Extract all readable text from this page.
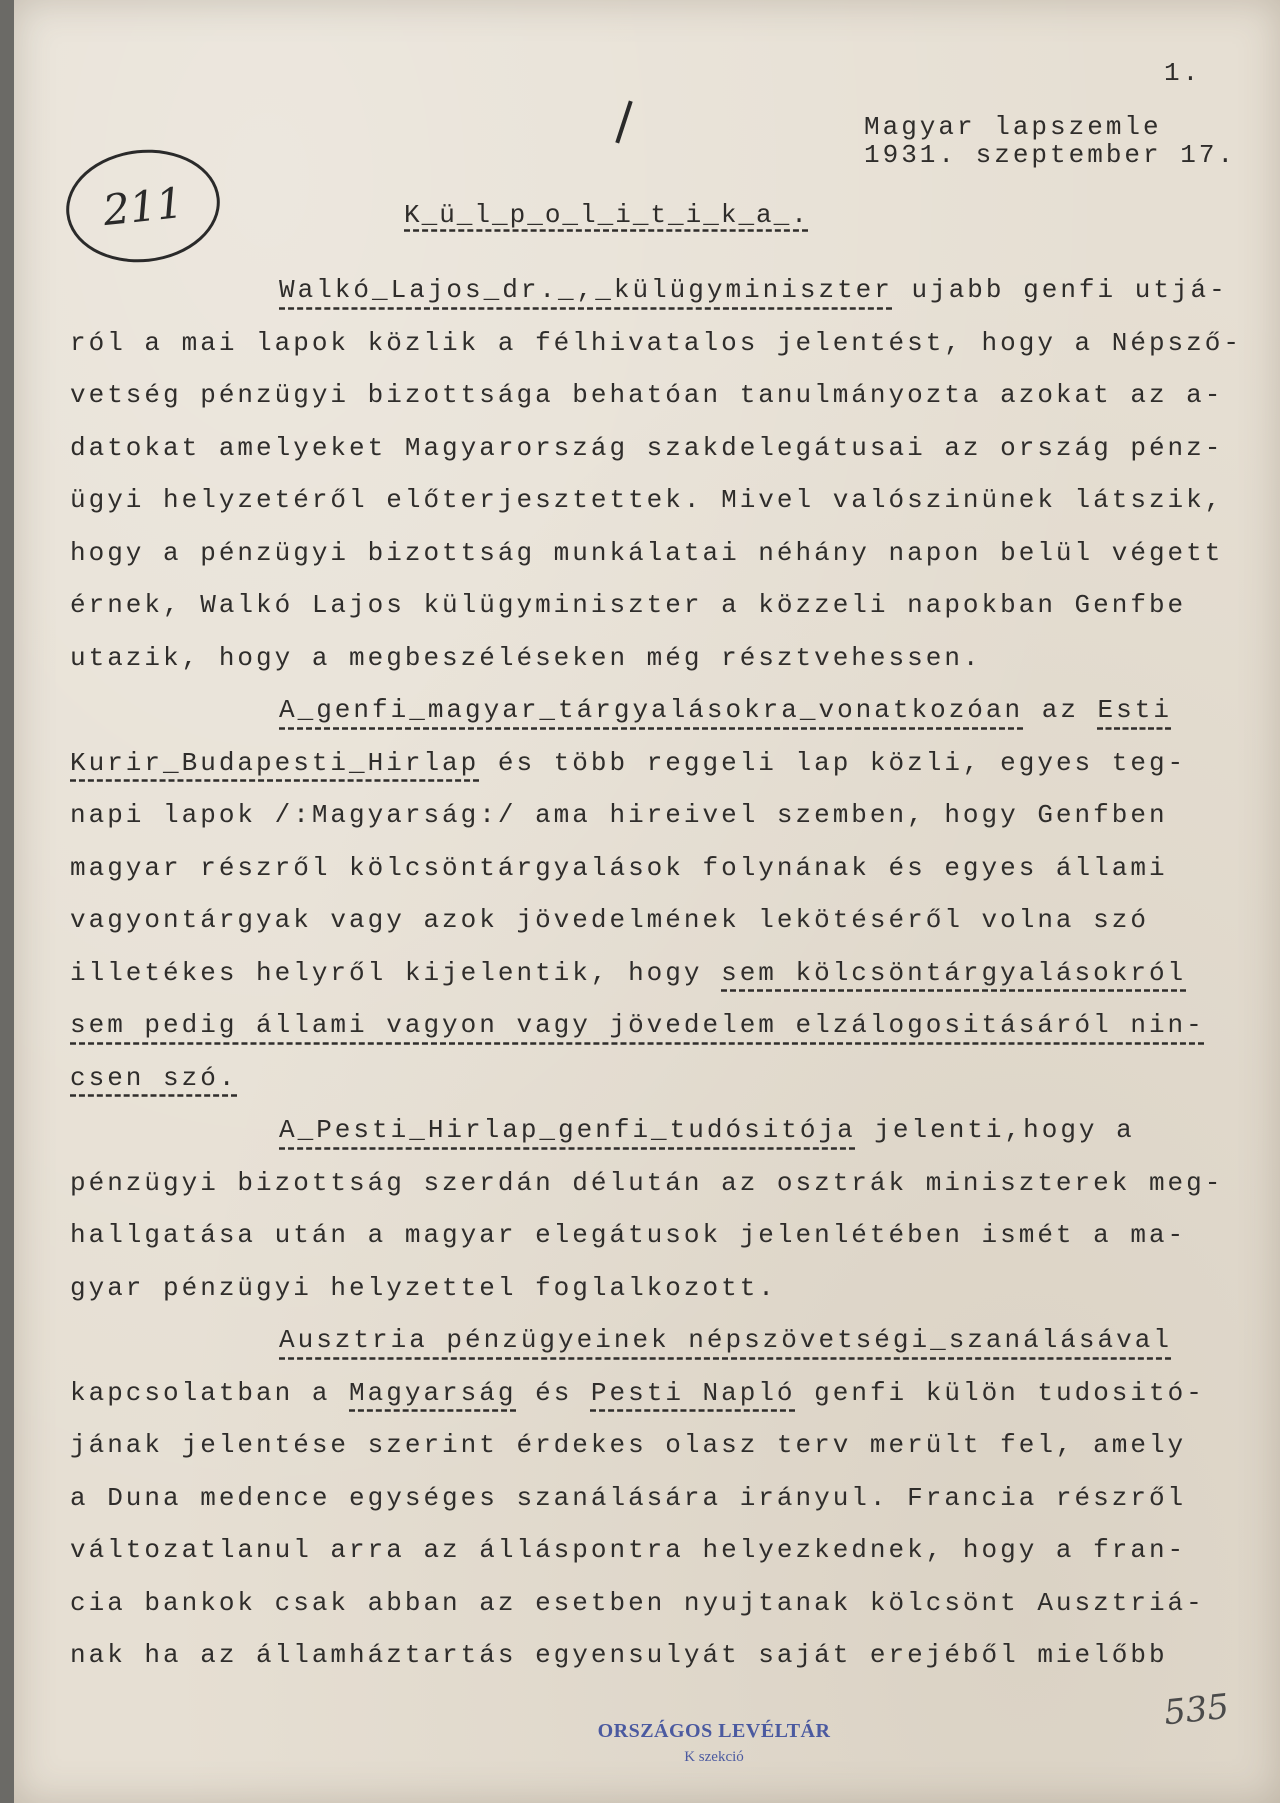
211
1.
Magyar lapszemle
1931. szeptember 17.
K_ü_l_p_o_l_i_t_i_k_a_.
Walkó_Lajos_dr._,_külügyminiszter ujabb genfi utjá-
ról a mai lapok közlik a félhivatalos jelentést, hogy a Népsző-
vetség pénzügyi bizottsága behatóan tanulmányozta azokat az a-
datokat amelyeket Magyarország szakdelegátusai az ország pénz-
ügyi helyzetéről előterjesztettek. Mivel valószinünek látszik,
hogy a pénzügyi bizottság munkálatai néhány napon belül végett
érnek, Walkó Lajos külügyminiszter a közzeli napokban Genfbe
utazik, hogy a megbeszéléseken még résztvehessen.
A_genfi_magyar_tárgyalásokra_vonatkozóan az Esti
Kurir_Budapesti_Hirlap és több reggeli lap közli, egyes teg-
napi lapok /:Magyarság:/ ama hireivel szemben, hogy Genfben
magyar részről kölcsöntárgyalások folynának és egyes állami
vagyontárgyak vagy azok jövedelmének lekötéséről volna szó
illetékes helyről kijelentik, hogy sem kölcsöntárgyalásokról
sem pedig állami vagyon vagy jövedelem elzálogositásáról nin-
csen szó.
A_Pesti_Hirlap_genfi_tudósitója jelenti,hogy a
pénzügyi bizottság szerdán délután az osztrák miniszterek meg-
hallgatása után a magyar elegátusok jelenlétében ismét a ma-
gyar pénzügyi helyzettel foglalkozott.
Ausztria pénzügyeinek népszövetségi_szanálásával
kapcsolatban a Magyarság és Pesti Napló genfi külön tudositó-
jának jelentése szerint érdekes olasz terv merült fel, amely
a Duna medence egységes szanálására irányul. Francia részről
változatlanul arra az álláspontra helyezkednek, hogy a fran-
cia bankok csak abban az esetben nyujtanak kölcsönt Ausztriá-
nak ha az államháztartás egyensulyát saját erejéből mielőbb
535
ORSZÁGOS LEVÉLTÁR
K szekció
